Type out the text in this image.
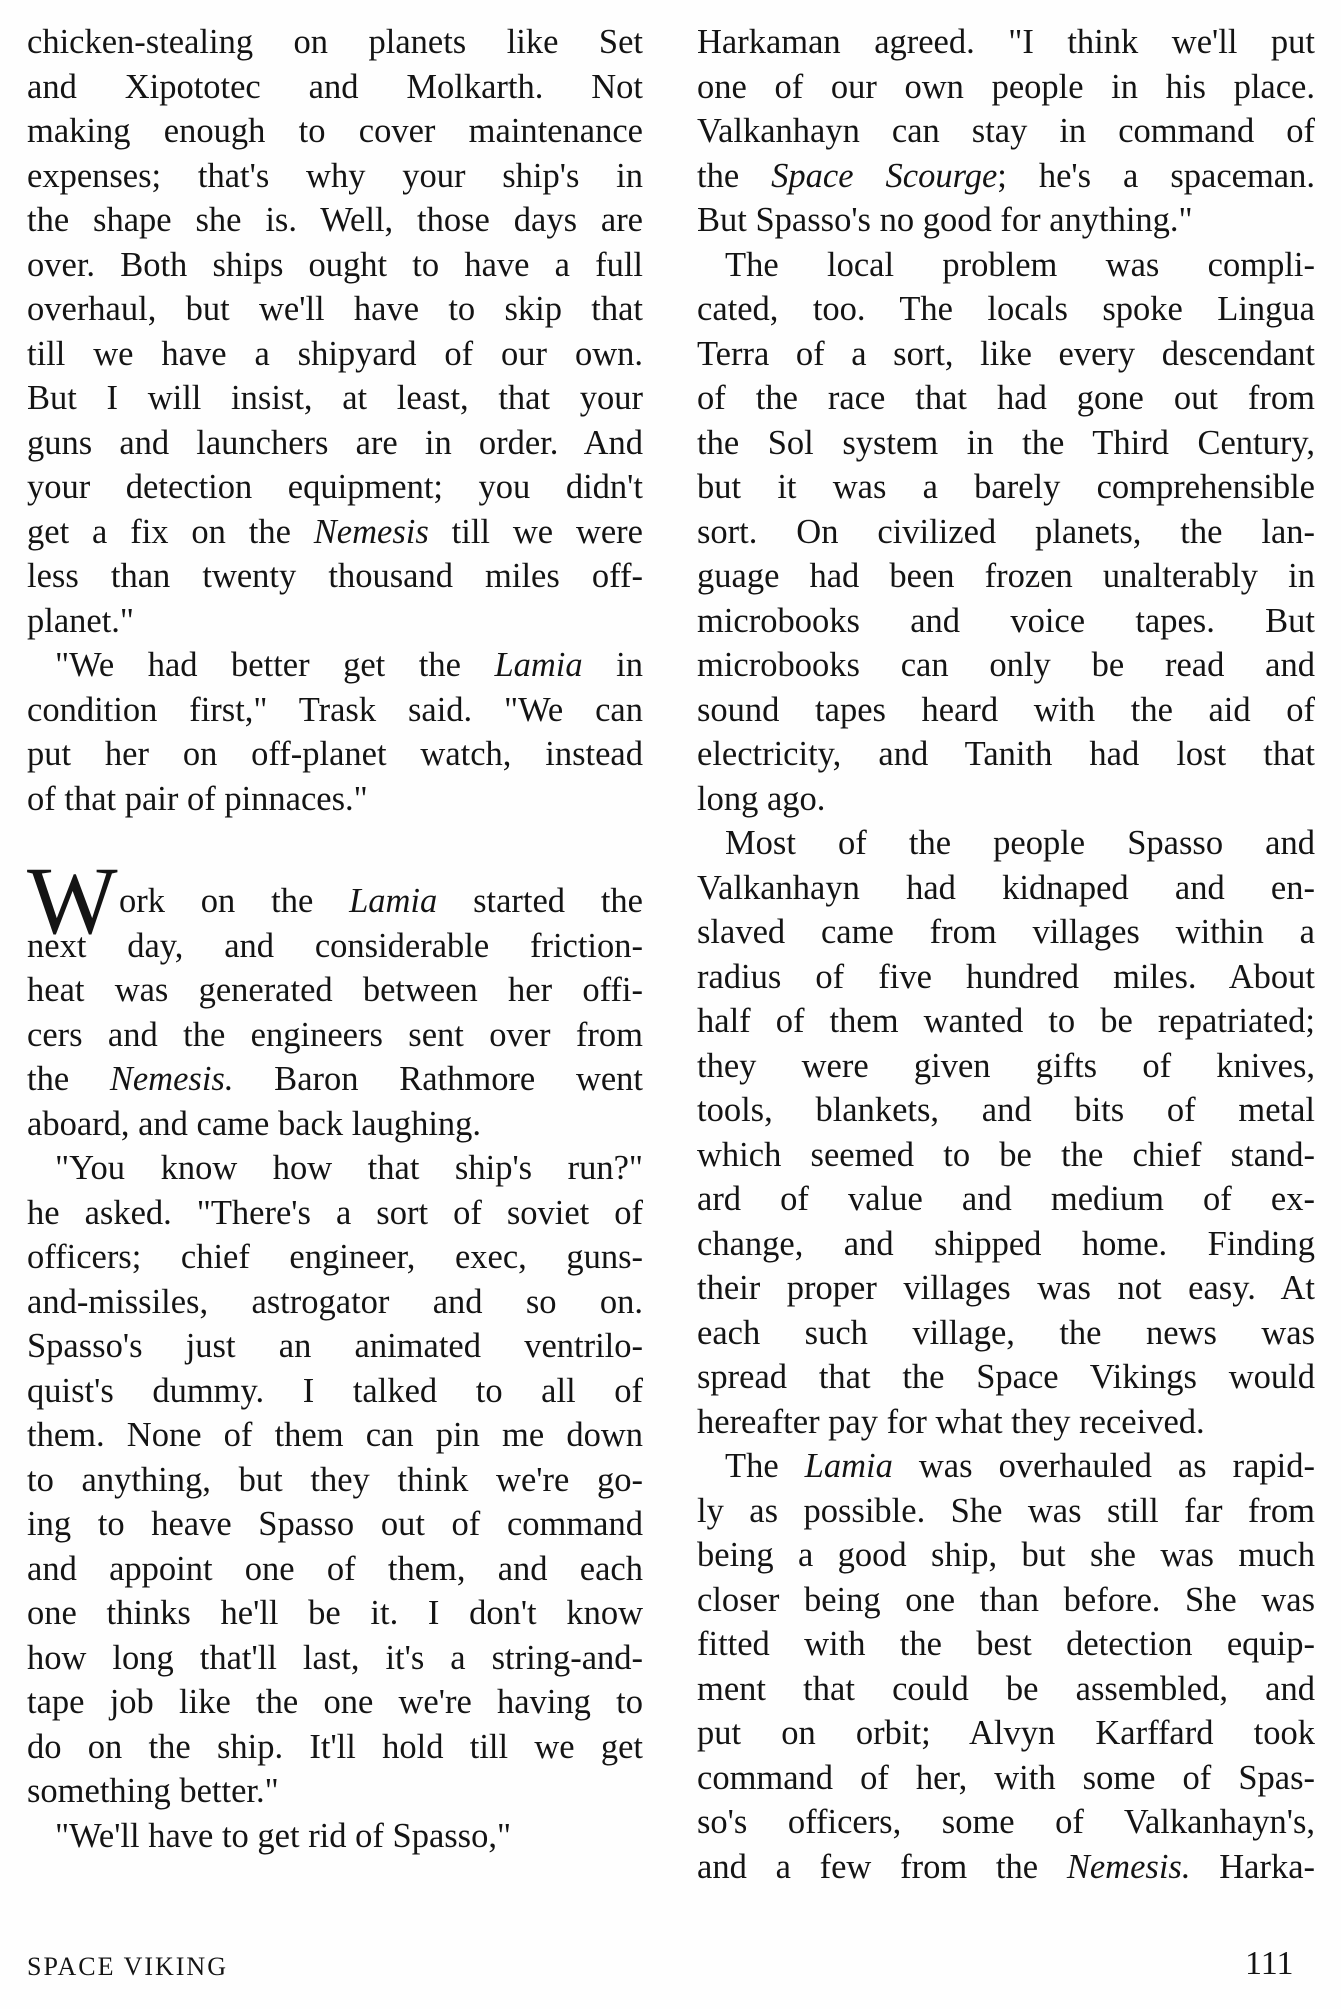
chicken-stealing on planets like Set
and Xipototec and Molkarth. Not
making enough to cover maintenance
expenses; that's why your ship's in
the shape she is. Well, those days are
over. Both ships ought to have a full
overhaul, but we'll have to skip that
till we have a shipyard of our own.
But I will insist, at least, that your
guns and launchers are in order. And
your detection equipment; you didn't
get a fix on the Nemesis till we were
less than twenty thousand miles off-
planet."
"We had better get the Lamia in
condition first," Trask said. "We can
put her on off-planet watch, instead
of that pair of pinnaces."
W ork on the Lamia started the
next day, and considerable friction-
heat was generated between her offi-
cers and the engineers sent over from
the Nemesis. Baron Rathmore went
aboard, and came back laughing.
"You know how that ship's run?"
he asked. "There's a sort of soviet of
officers; chief engineer, exec, guns-
and-missiles, astrogator and so on.
Spasso's just an animated ventrilo-
quist's dummy. I talked to all of
them. None of them can pin me down
to anything, but they think we're go-
ing to heave Spasso out of command
and appoint one of them, and each
one thinks he'll be it. I don't know
how long that'll last, it's a string-and-
tape job like the one we're having to
do on the ship. It'll hold till we get
something better."
"We'll have to get rid of Spasso,"
Harkaman agreed. "I think we'll put
one of our own people in his place.
Valkanhayn can stay in command of
the Space Scourge; he's a spaceman.
But Spasso's no good for anything."
The local problem was compli-
cated, too. The locals spoke Lingua
Terra of a sort, like every descendant
of the race that had gone out from
the Sol system in the Third Century,
but it was a barely comprehensible
sort. On civilized planets, the lan-
guage had been frozen unalterably in
microbooks and voice tapes. But
microbooks can only be read and
sound tapes heard with the aid of
electricity, and Tanith had lost that
long ago.
Most of the people Spasso and
Valkanhayn had kidnaped and en-
slaved came from villages within a
radius of five hundred miles. About
half of them wanted to be repatriated;
they were given gifts of knives,
tools, blankets, and bits of metal
which seemed to be the chief stand-
ard of value and medium of ex-
change, and shipped home. Finding
their proper villages was not easy. At
each such village, the news was
spread that the Space Vikings would
hereafter pay for what they received.
The Lamia was overhauled as rapid-
ly as possible. She was still far from
being a good ship, but she was much
closer being one than before. She was
fitted with the best detection equip-
ment that could be assembled, and
put on orbit; Alvyn Karffard took
command of her, with some of Spas-
so's officers, some of Valkanhayn's,
and a few from the Nemesis. Harka-
SPACE VIKING	111
